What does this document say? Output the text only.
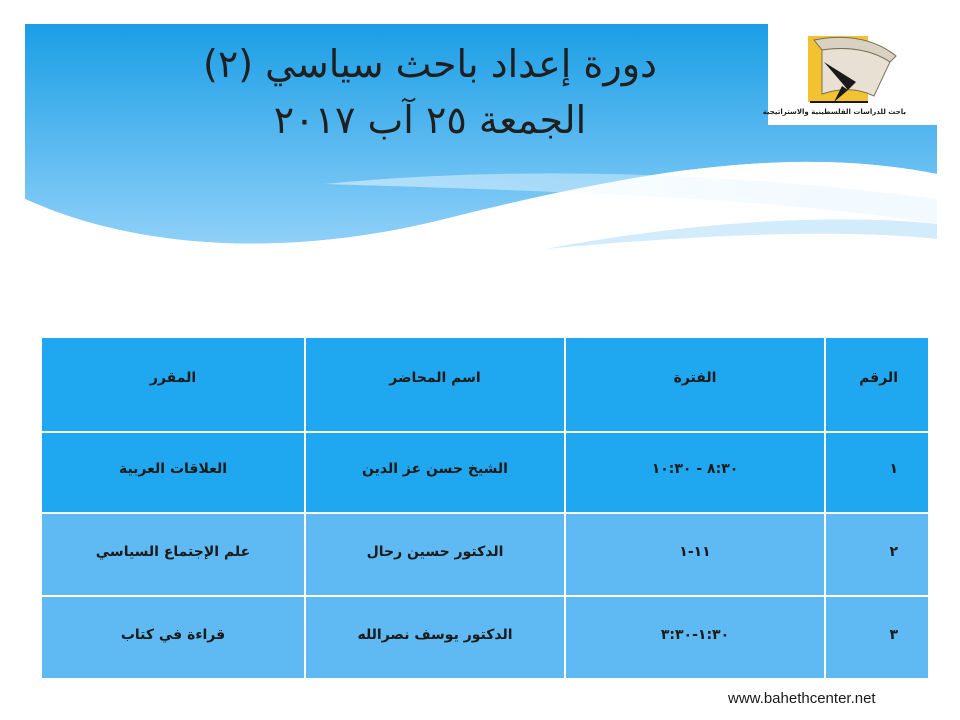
دورة إعداد باحث سياسي (٢)
الجمعة ٢٥ آب ٢٠١٧	باحث للدراسات الفلسطينية والاستراتيجية
الرقم	الفترة	اسم المحاضر	المقرر
١	٨:٣٠ - ١٠:٣٠	الشيخ حسن عز الدين	العلاقات العربية
٢	١١-١	الدكتور حسين رحال	علم الإجتماع السياسي
٣	١:٣٠-٣:٣٠	الدكتور يوسف نصرالله	قراءة في كتاب
www.bahethcenter.net
